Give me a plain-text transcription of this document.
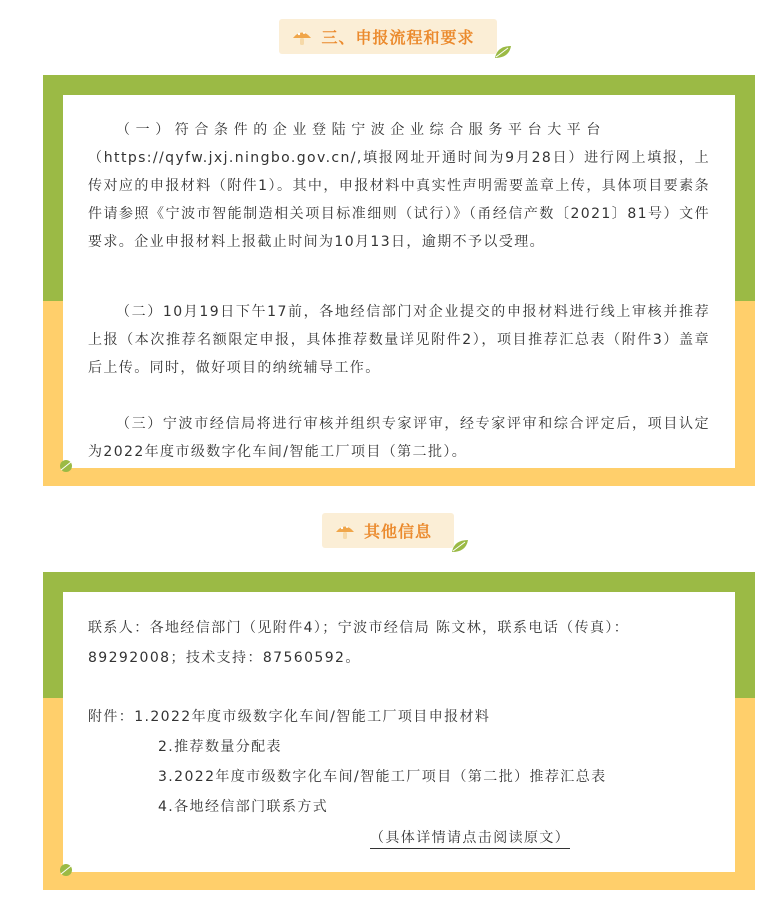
三、申报流程和要求

（一）符合条件的企业登陆宁波企业综合服务平台大平台

（https://qyfw.jxj.ningbo.gov.cn/,填报网址开通时间为9月28日）进行网上填报，上传对应的申报材料（附件1）。其中，申报材料中真实性声明需要盖章上传，具体项目要素条件请参照《宁波市智能制造相关项目标准细则（试行）》（甬经信产数〔2021〕81号）文件要求。企业申报材料上报截止时间为10月13日，逾期不予以受理。

（二）10月19日下午17前，各地经信部门对企业提交的申报材料进行线上审核并推荐上报（本次推荐名额限定申报，具体推荐数量详见附件2），项目推荐汇总表（附件3）盖章后上传。同时，做好项目的纳统辅导工作。

（三）宁波市经信局将进行审核并组织专家评审，经专家评审和综合评定后，项目认定为2022年度市级数字化车间/智能工厂项目（第二批）。

其他信息

联系人：各地经信部门（见附件4）；宁波市经信局 陈文林，联系电话（传真）：

89292008；技术支持：87560592。

附件：1.2022年度市级数字化车间/智能工厂项目申报材料

2.推荐数量分配表

3.2022年度市级数字化车间/智能工厂项目（第二批）推荐汇总表

4.各地经信部门联系方式

（具体详情请点击阅读原文）
